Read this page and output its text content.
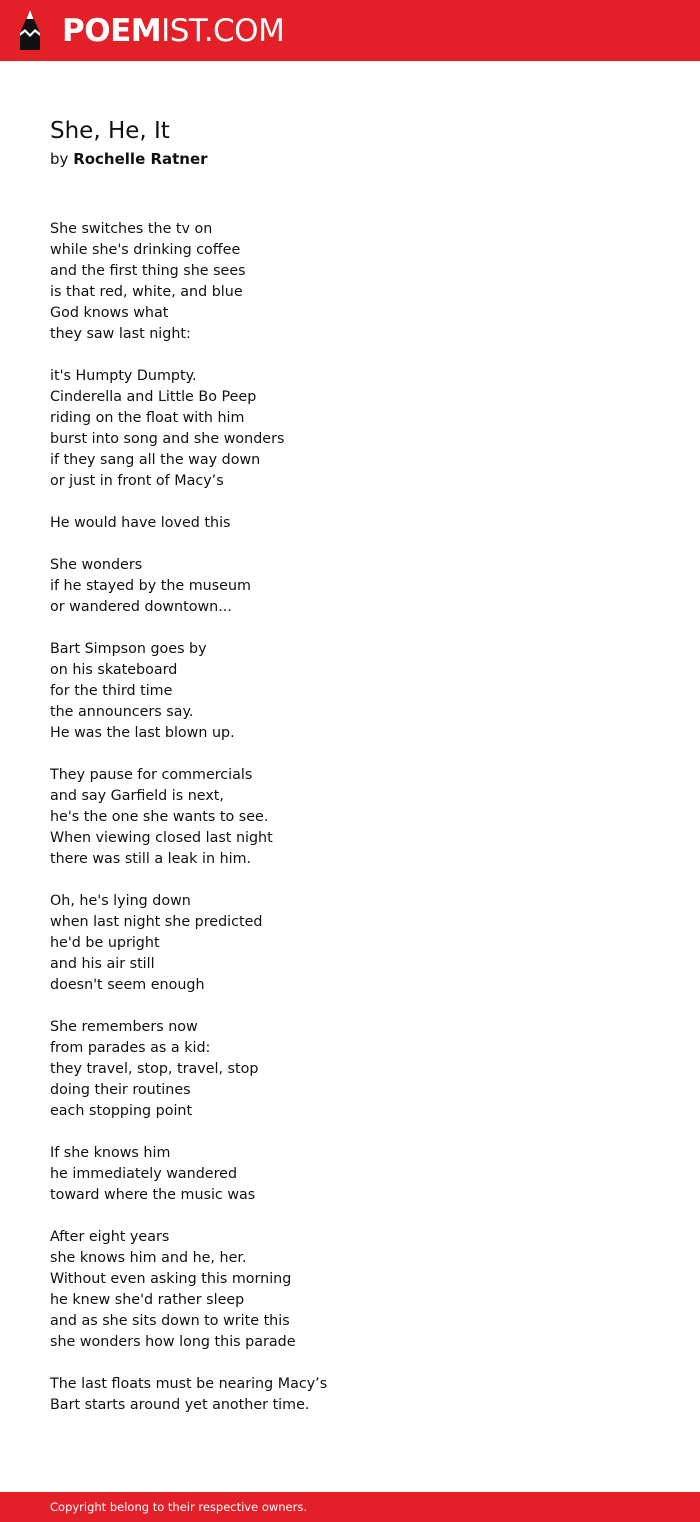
POEMIST.COM
She, He, It
by Rochelle Ratner
She switches the tv on
while she's drinking coffee
and the first thing she sees
is that red, white, and blue
God knows what
they saw last night:
it's Humpty Dumpty.
Cinderella and Little Bo Peep
riding on the float with him
burst into song and she wonders
if they sang all the way down
or just in front of Macy’s
He would have loved this
She wonders
if he stayed by the museum
or wandered downtown...
Bart Simpson goes by
on his skateboard
for the third time
the announcers say.
He was the last blown up.
They pause for commercials
and say Garfield is next,
he's the one she wants to see.
When viewing closed last night
there was still a leak in him.
Oh, he's lying down
when last night she predicted
he'd be upright
and his air still
doesn't seem enough
She remembers now
from parades as a kid:
they travel, stop, travel, stop
doing their routines
each stopping point
If she knows him
he immediately wandered
toward where the music was
After eight years
she knows him and he, her.
Without even asking this morning
he knew she'd rather sleep
and as she sits down to write this
she wonders how long this parade
The last floats must be nearing Macy’s
Bart starts around yet another time.
Copyright belong to their respective owners.
